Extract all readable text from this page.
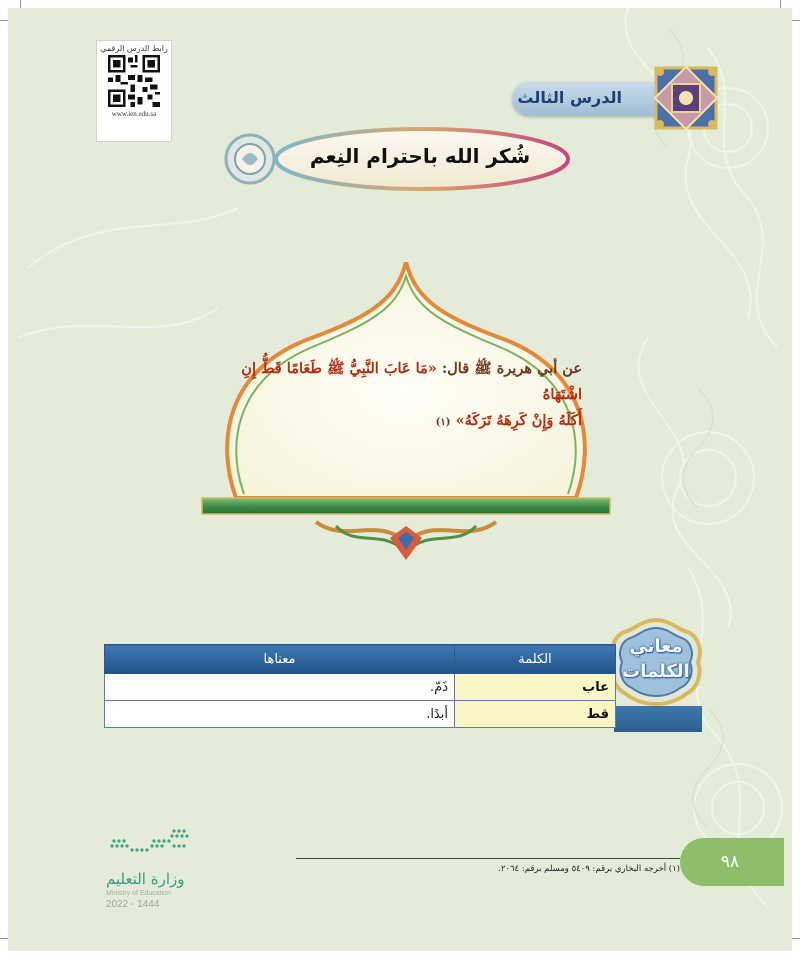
رابط الدرس الرقمي
www.ien.edu.sa
الدرس الثالث
شُكر الله باحترام النِعم
عن أبي هريرة ﷺ قال: «مَا عَابَ النَّبِيُّ ﷺ طَعَامًا قَطُّ إِنِ اشْتَهَاهُ
أَكَلَهُ وَإِنْ كَرِهَهُ تَرَكَهُ» (١)
معاني
الكلمات
الكلمة	معناها
عاب	ذَمّ.
قط	أبدًا.
(١) أخرجه البخاري برقم: ٥٤٠٩ ومسلم برقم: ٢٠٦٤.	٩٨
وزارة التعليم
Ministry of Education
2022 - 1444
